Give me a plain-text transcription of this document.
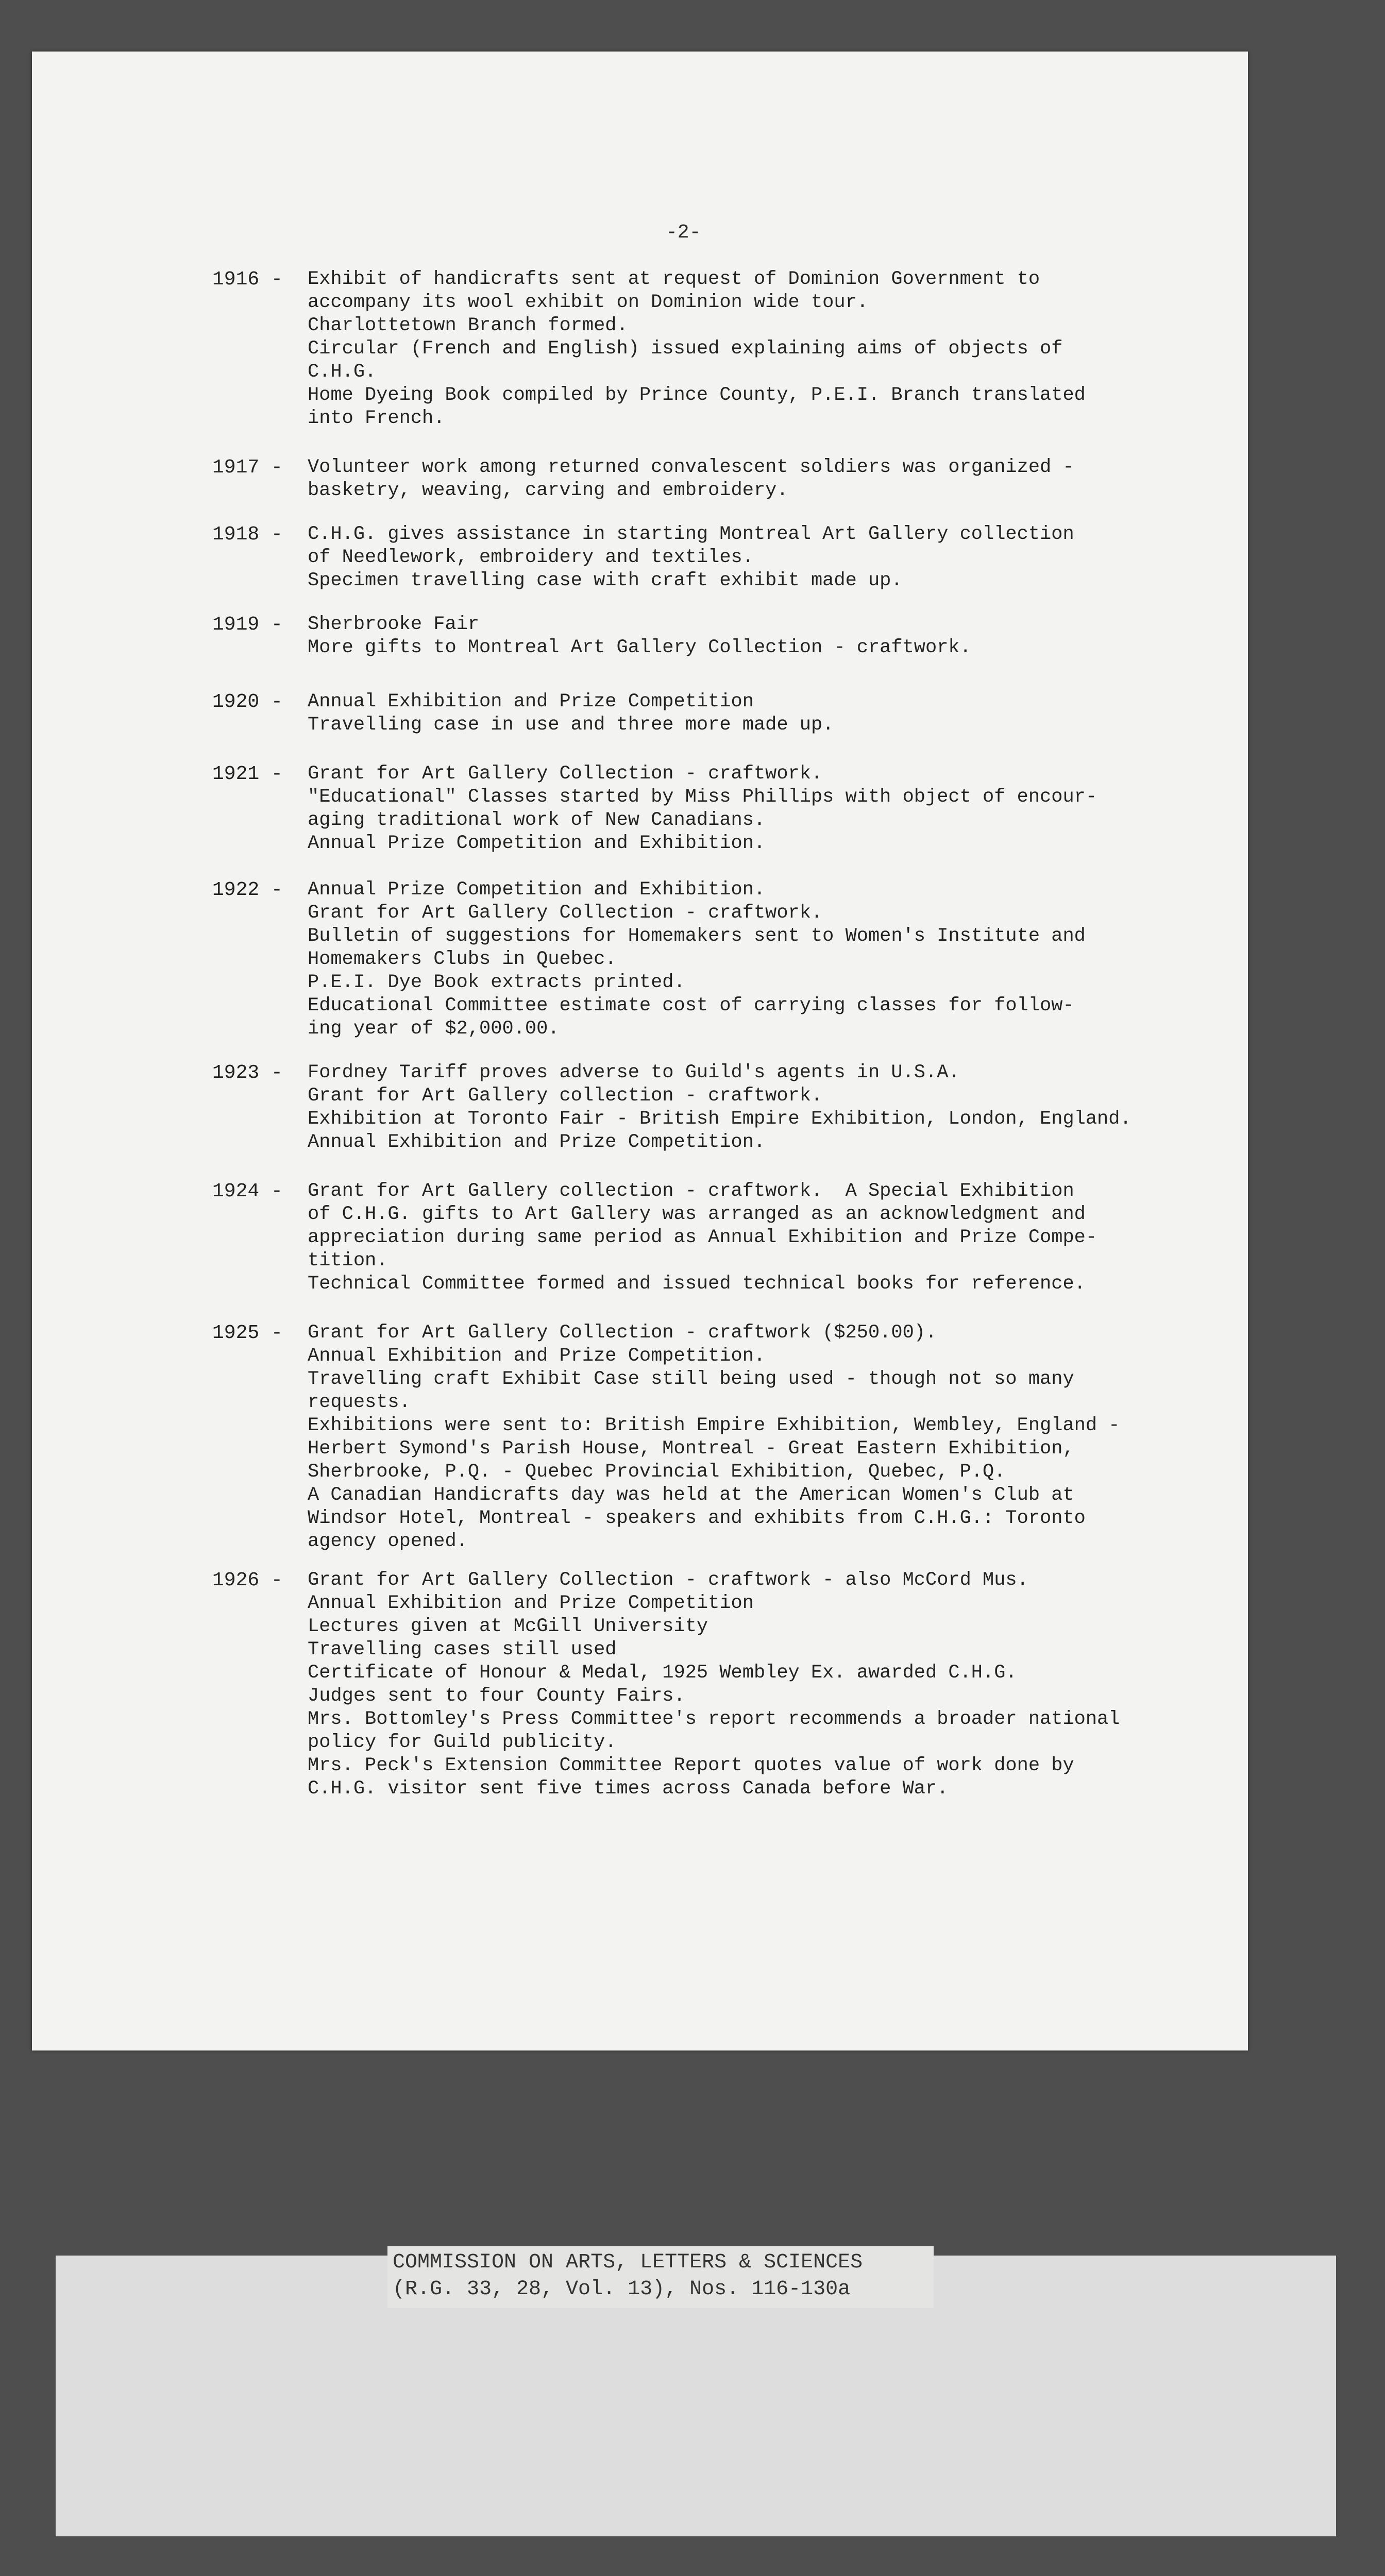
-2-
1916 -	Exhibit of handicrafts sent at request of Dominion Government to
accompany its wool exhibit on Dominion wide tour.
Charlottetown Branch formed.
Circular (French and English) issued explaining aims of objects of
C.H.G.
Home Dyeing Book compiled by Prince County, P.E.I. Branch translated
into French.
1917 -	Volunteer work among returned convalescent soldiers was organized -
basketry, weaving, carving and embroidery.
1918 -	C.H.G. gives assistance in starting Montreal Art Gallery collection
of Needlework, embroidery and textiles.
Specimen travelling case with craft exhibit made up.
1919 -	Sherbrooke Fair
More gifts to Montreal Art Gallery Collection - craftwork.
1920 -	Annual Exhibition and Prize Competition
Travelling case in use and three more made up.
1921 -	Grant for Art Gallery Collection - craftwork.
"Educational" Classes started by Miss Phillips with object of encour-
aging traditional work of New Canadians.
Annual Prize Competition and Exhibition.
1922 -	Annual Prize Competition and Exhibition.
Grant for Art Gallery Collection - craftwork.
Bulletin of suggestions for Homemakers sent to Women's Institute and
Homemakers Clubs in Quebec.
P.E.I. Dye Book extracts printed.
Educational Committee estimate cost of carrying classes for follow-
ing year of $2,000.00.
1923 -	Fordney Tariff proves adverse to Guild's agents in U.S.A.
Grant for Art Gallery collection - craftwork.
Exhibition at Toronto Fair - British Empire Exhibition, London, England.
Annual Exhibition and Prize Competition.
1924 -	Grant for Art Gallery collection - craftwork.  A Special Exhibition
of C.H.G. gifts to Art Gallery was arranged as an acknowledgment and
appreciation during same period as Annual Exhibition and Prize Compe-
tition.
Technical Committee formed and issued technical books for reference.
1925 -	Grant for Art Gallery Collection - craftwork ($250.00).
Annual Exhibition and Prize Competition.
Travelling craft Exhibit Case still being used - though not so many
requests.
Exhibitions were sent to: British Empire Exhibition, Wembley, England -
Herbert Symond's Parish House, Montreal - Great Eastern Exhibition,
Sherbrooke, P.Q. - Quebec Provincial Exhibition, Quebec, P.Q.
A Canadian Handicrafts day was held at the American Women's Club at
Windsor Hotel, Montreal - speakers and exhibits from C.H.G.: Toronto
agency opened.
1926 -	Grant for Art Gallery Collection - craftwork - also McCord Mus.
Annual Exhibition and Prize Competition
Lectures given at McGill University
Travelling cases still used
Certificate of Honour & Medal, 1925 Wembley Ex. awarded C.H.G.
Judges sent to four County Fairs.
Mrs. Bottomley's Press Committee's report recommends a broader national
policy for Guild publicity.
Mrs. Peck's Extension Committee Report quotes value of work done by
C.H.G. visitor sent five times across Canada before War.
COMMISSION ON ARTS, LETTERS & SCIENCES
(R.G. 33, 28, Vol. 13), Nos. 116-130a
